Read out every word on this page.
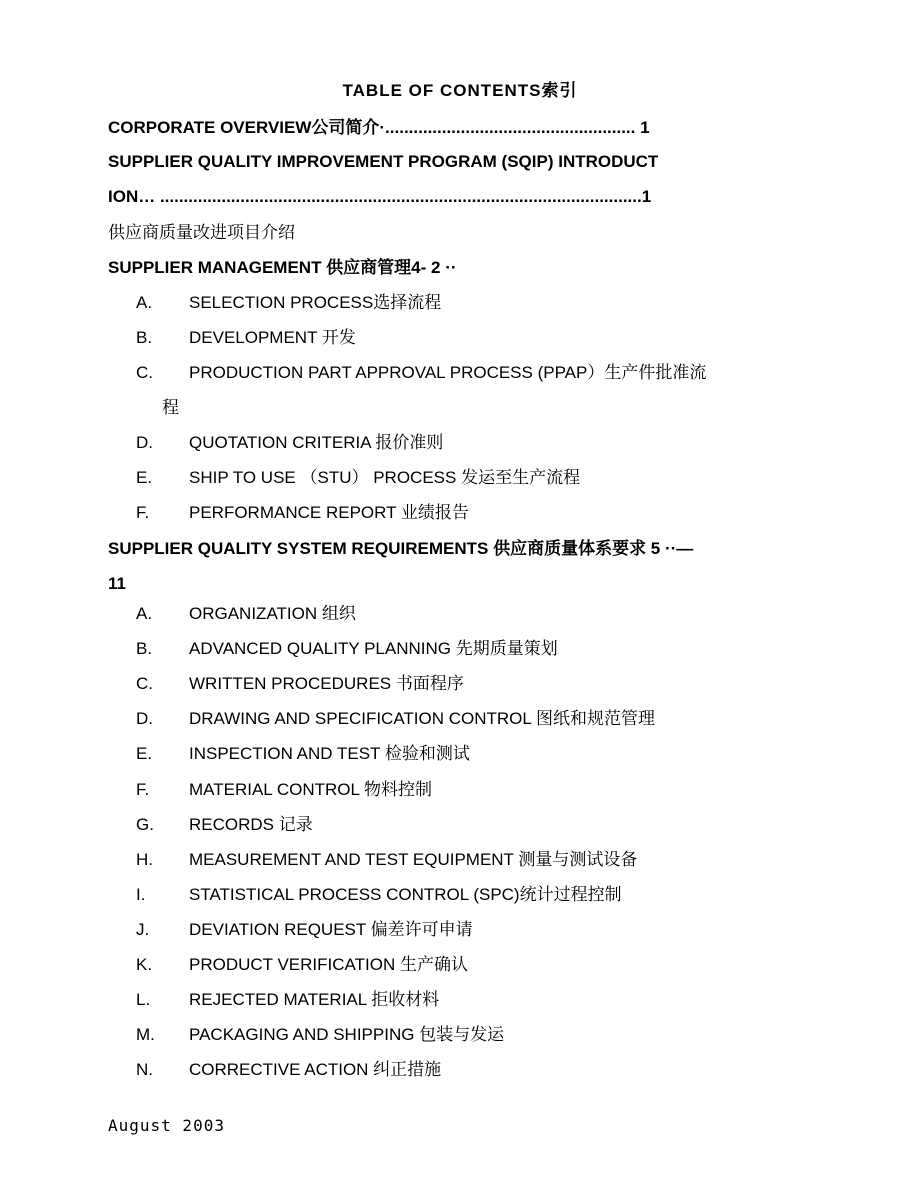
TABLE OF CONTENTS索引
CORPORATE OVERVIEW公司简介·..................................................... 1
SUPPLIER QUALITY IMPROVEMENT PROGRAM (SQIP) INTRODUCT
ION… ......................................................................................................1
供应商质量改进项目介绍
SUPPLIER MANAGEMENT 供应商管理4- 2 ··
A. SELECTION PROCESS选择流程
B. DEVELOPMENT 开发
C. PRODUCTION PART APPROVAL PROCESS (PPAP）生产件批准流
程
D. QUOTATION CRITERIA 报价准则
E. SHIP TO USE （STU） PROCESS 发运至生产流程
F. PERFORMANCE REPORT 业绩报告
SUPPLIER QUALITY SYSTEM REQUIREMENTS 供应商质量体系要求 5 ··—
11
A. ORGANIZATION 组织
B. ADVANCED QUALITY PLANNING 先期质量策划
C. WRITTEN PROCEDURES 书面程序
D. DRAWING AND SPECIFICATION CONTROL 图纸和规范管理
E. INSPECTION AND TEST 检验和测试
F. MATERIAL CONTROL 物料控制
G. RECORDS 记录
H. MEASUREMENT AND TEST EQUIPMENT 测量与测试设备
I.	STATISTICAL PROCESS CONTROL (SPC)统计过程控制
J. DEVIATION REQUEST 偏差许可申请
K. PRODUCT VERIFICATION 生产确认
L. REJECTED MATERIAL 拒收材料
M. PACKAGING AND SHIPPING 包装与发运
N. CORRECTIVE ACTION 纠正措施
August 2003
